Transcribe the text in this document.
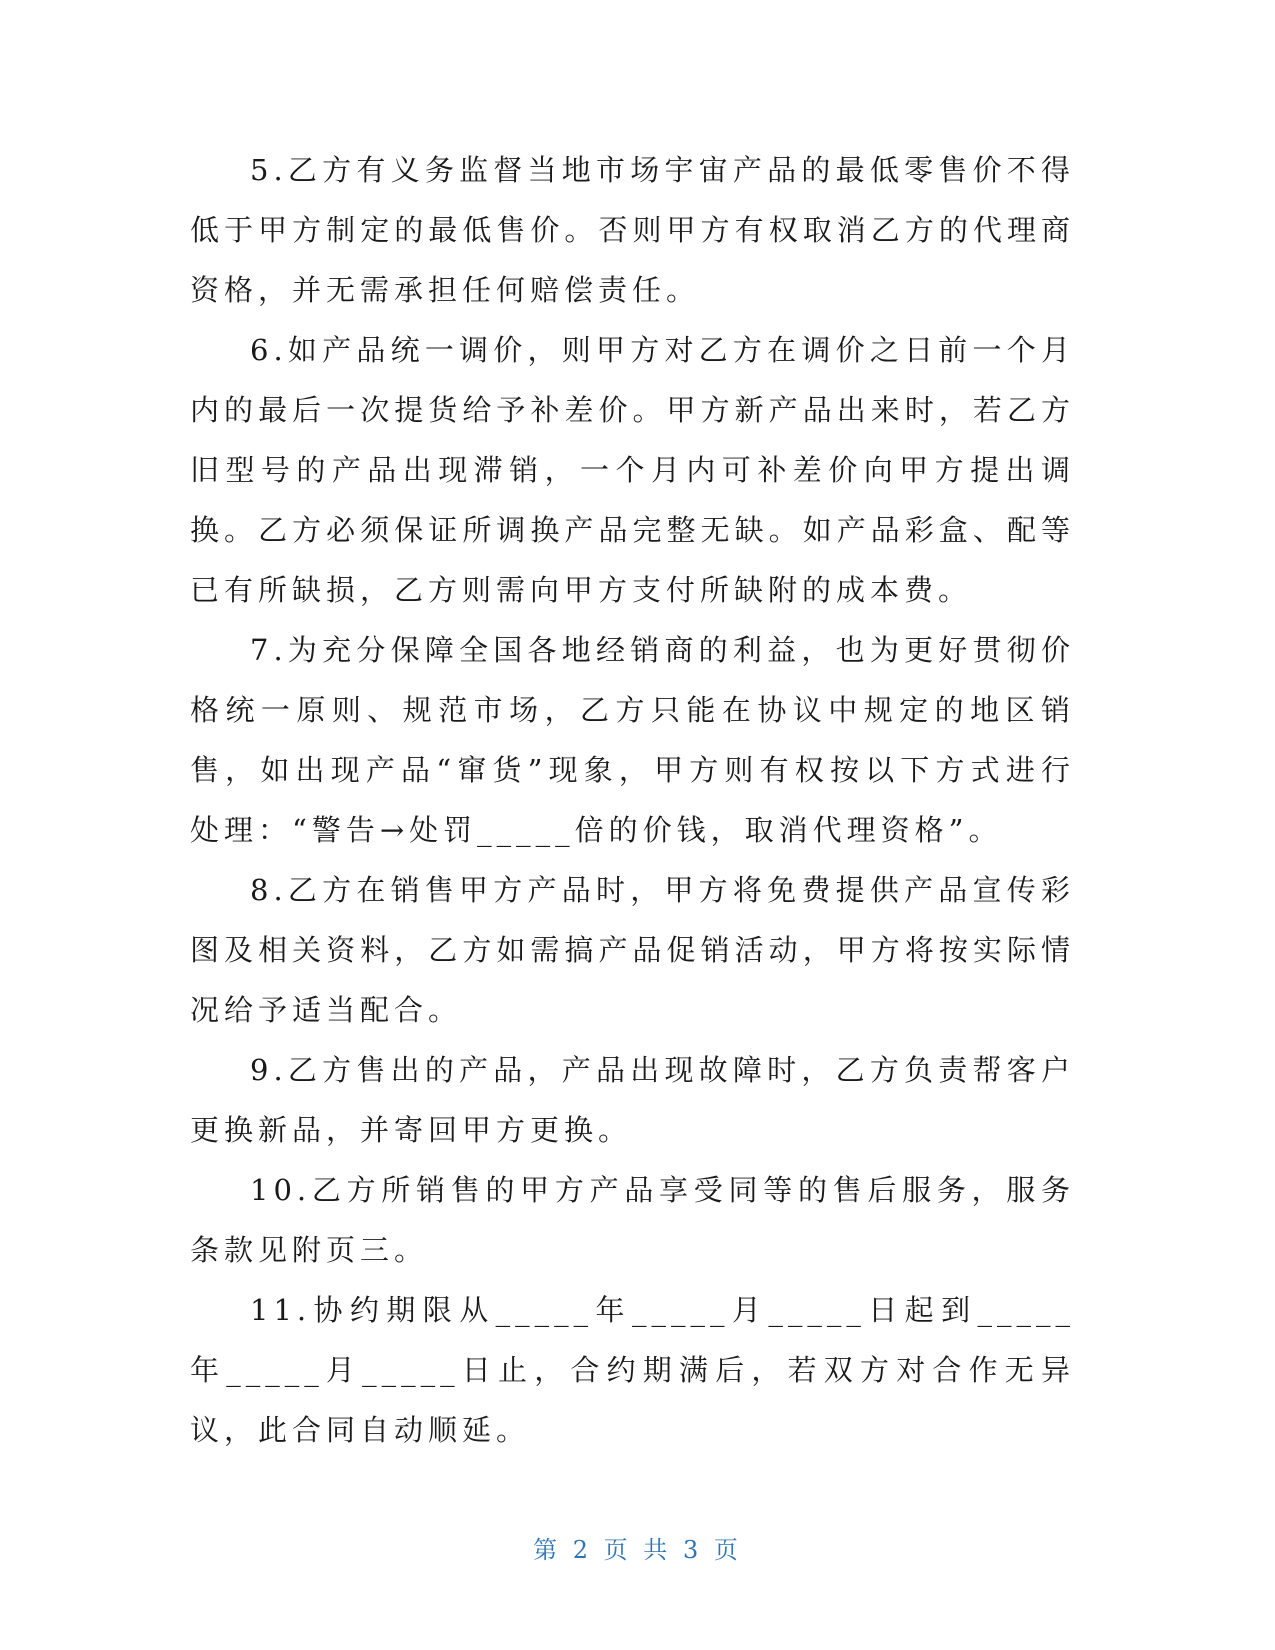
5.乙方有义务监督当地市场宇宙产品的最低零售价不得低于甲方制定的最低售价。否则甲方有权取消乙方的代理商资格，并无需承担任何赔偿责任。

6.如产品统一调价，则甲方对乙方在调价之日前一个月内的最后一次提货给予补差价。甲方新产品出来时，若乙方旧型号的产品出现滞销，一个月内可补差价向甲方提出调换。乙方必须保证所调换产品完整无缺。如产品彩盒、配等已有所缺损，乙方则需向甲方支付所缺附的成本费。

7.为充分保障全国各地经销商的利益，也为更好贯彻价格统一原则、规范市场，乙方只能在协议中规定的地区销售，如出现产品“窜货”现象，甲方则有权按以下方式进行处理：“警告→处罚_____倍的价钱，取消代理资格”。

8.乙方在销售甲方产品时，甲方将免费提供产品宣传彩图及相关资料，乙方如需搞产品促销活动，甲方将按实际情况给予适当配合。

9.乙方售出的产品，产品出现故障时，乙方负责帮客户更换新品，并寄回甲方更换。

10.乙方所销售的甲方产品享受同等的售后服务，服务条款见附页三。

11.协约期限从_____年_____月_____日起到_____年_____月_____日止，合约期满后，若双方对合作无异议，此合同自动顺延。

第 2 页 共 3 页
